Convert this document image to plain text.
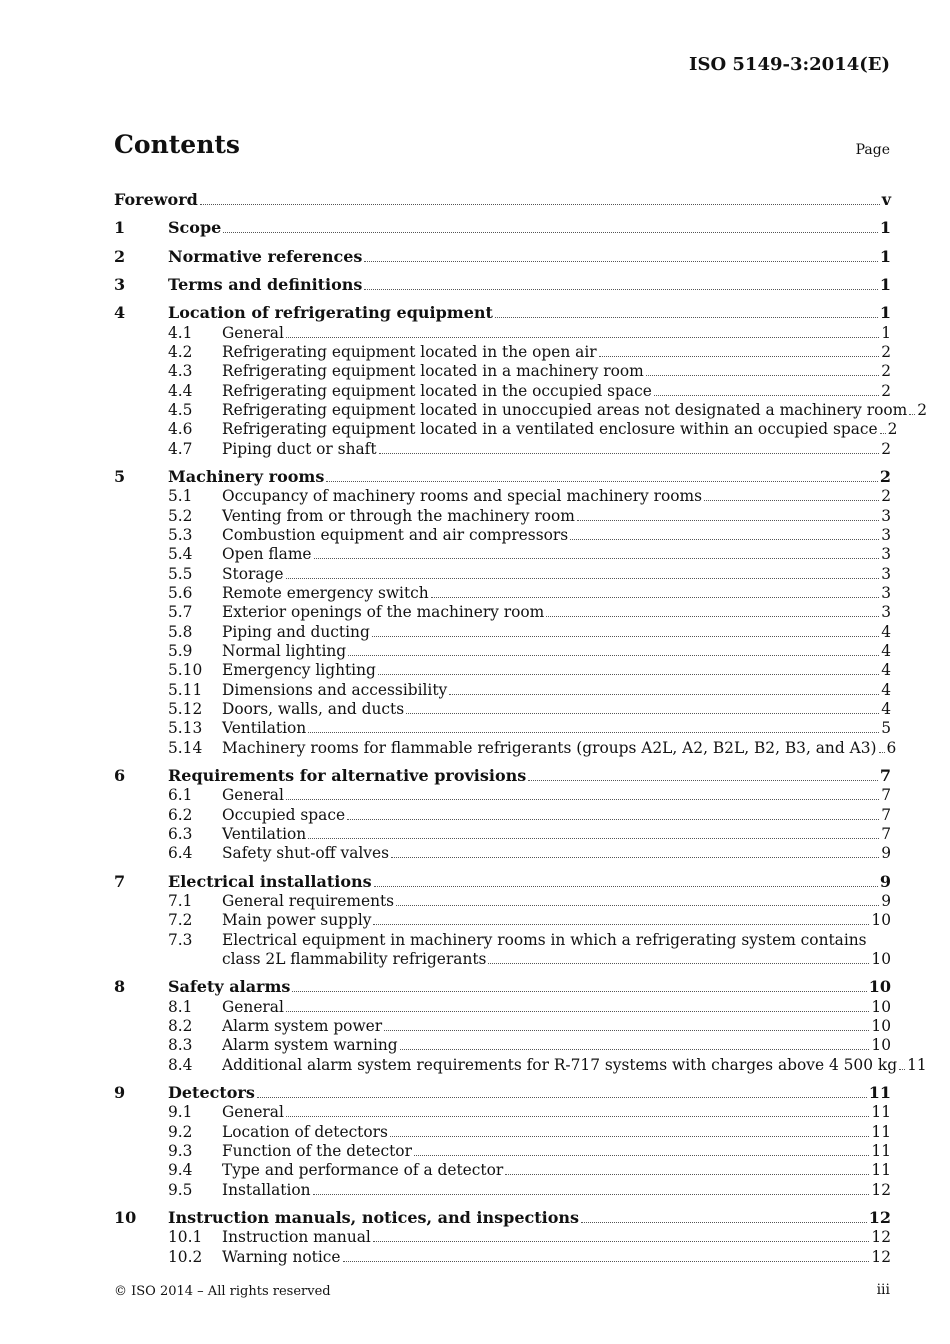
ISO 5149-3:2014(E)
Contents	Page
Foreword	v
1	Scope	1
2	Normative references	1
3	Terms and definitions	1
4	Location of refrigerating equipment	1
4.1	General	1
4.2	Refrigerating equipment located in the open air	2
4.3	Refrigerating equipment located in a machinery room	2
4.4	Refrigerating equipment located in the occupied space	2
4.5	Refrigerating equipment located in unoccupied areas not designated a machinery room 2
4.6	Refrigerating equipment located in a ventilated enclosure within an occupied space 2
4.7	Piping duct or shaft	2
5	Machinery rooms	2
5.1	Occupancy of machinery rooms and special machinery rooms	2
5.2	Venting from or through the machinery room	3
5.3	Combustion equipment and air compressors	3
5.4	Open flame	3
5.5	Storage	3
5.6	Remote emergency switch	3
5.7	Exterior openings of the machinery room	3
5.8	Piping and ducting	4
5.9	Normal lighting	4
5.10	Emergency lighting	4
5.11	Dimensions and accessibility	4
5.12	Doors, walls, and ducts	4
5.13	Ventilation	5
5.14	Machinery rooms for flammable refrigerants (groups A2L, A2, B2L, B2, B3, and A3) 6
6	Requirements for alternative provisions	7
6.1	General	7
6.2	Occupied space	7
6.3	Ventilation	7
6.4	Safety shut-off valves	9
7	Electrical installations	9
7.1	General requirements	9
7.2	Main power supply	10
7.3	Electrical equipment in machinery rooms in which a refrigerating system contains
class 2L flammability refrigerants	10
8	Safety alarms	10
8.1	General	10
8.2	Alarm system power	10
8.3	Alarm system warning	10
8.4	Additional alarm system requirements for R-717 systems with charges above 4 500 kg 11
9	Detectors	11
9.1	General	11
9.2	Location of detectors	11
9.3	Function of the detector	11
9.4	Type and performance of a detector	11
9.5	Installation	12
10	Instruction manuals, notices, and inspections	12
10.1	Instruction manual	12
10.2	Warning notice	12
© ISO 2014 – All rights reserved	iii
